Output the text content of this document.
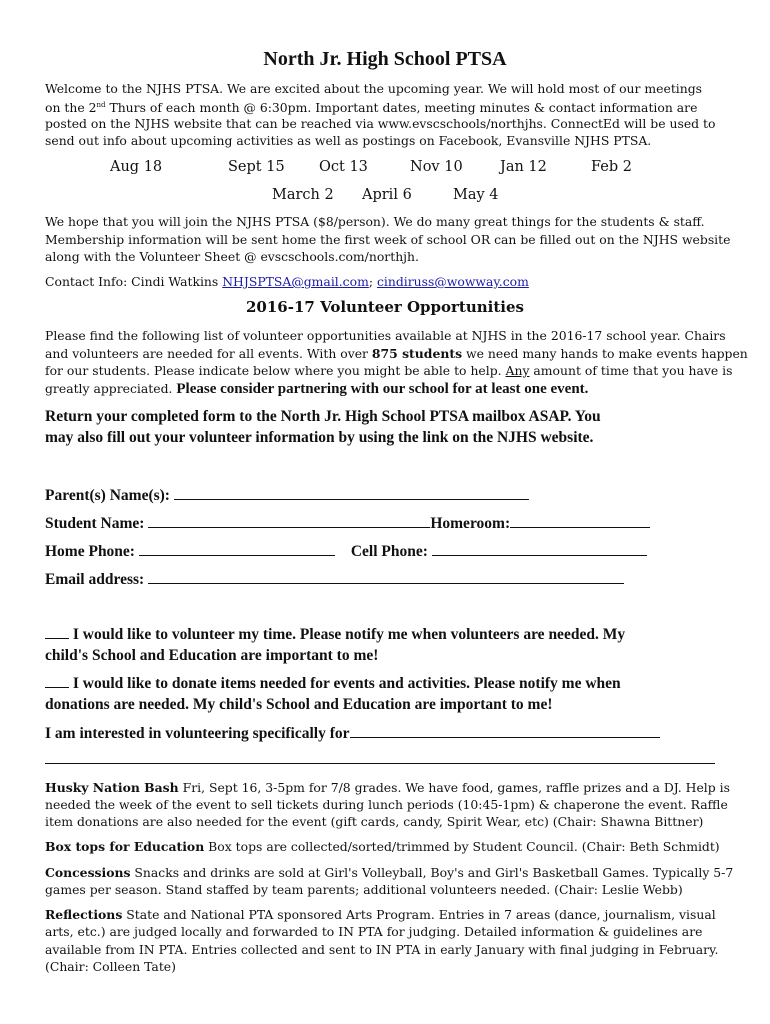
North Jr. High School PTSA
Welcome to the NJHS PTSA. We are excited about the upcoming year. We will hold most of our meetings
on the 2nd Thurs of each month @ 6:30pm. Important dates, meeting minutes & contact information are
posted on the NJHS website that can be reached via www.evscschools/northjhs. ConnectEd will be used to
send out info about upcoming activities as well as postings on Facebook, Evansville NJHS PTSA.
Aug 18	Sept 15 Oct 13	Nov 10	Jan 12	Feb 2
March 2 April 6	May 4
We hope that you will join the NJHS PTSA ($8/person). We do many great things for the students & staff.
Membership information will be sent home the first week of school OR can be filled out on the NJHS website
along with the Volunteer Sheet @ evscschools.com/northjh.
Contact Info: Cindi Watkins NHJSPTSA@gmail.com; cindiruss@wowway.com
2016-17 Volunteer Opportunities
Please find the following list of volunteer opportunities available at NJHS in the 2016-17 school year. Chairs
and volunteers are needed for all events. With over 875 students we need many hands to make events happen
for our students. Please indicate below where you might be able to help. Any amount of time that you have is
greatly appreciated. Please consider partnering with our school for at least one event.
Return your completed form to the North Jr. High School PTSA mailbox ASAP. You
may also fill out your volunteer information by using the link on the NJHS website.
Parent(s) Name(s):
Student Name:	Homeroom:
Home Phone:	Cell Phone:
Email address:
I would like to volunteer my time. Please notify me when volunteers are needed. My
child's School and Education are important to me!
I would like to donate items needed for events and activities. Please notify me when
donations are needed. My child's School and Education are important to me!
I am interested in volunteering specifically for
Husky Nation Bash Fri, Sept 16, 3-5pm for 7/8 grades. We have food, games, raffle prizes and a DJ. Help is
needed the week of the event to sell tickets during lunch periods (10:45-1pm) & chaperone the event. Raffle
item donations are also needed for the event (gift cards, candy, Spirit Wear, etc) (Chair: Shawna Bittner)
Box tops for Education Box tops are collected/sorted/trimmed by Student Council. (Chair: Beth Schmidt)
Concessions Snacks and drinks are sold at Girl's Volleyball, Boy's and Girl's Basketball Games. Typically 5-7
games per season. Stand staffed by team parents; additional volunteers needed. (Chair: Leslie Webb)
Reflections State and National PTA sponsored Arts Program. Entries in 7 areas (dance, journalism, visual
arts, etc.) are judged locally and forwarded to IN PTA for judging. Detailed information & guidelines are
available from IN PTA. Entries collected and sent to IN PTA in early January with final judging in February.
(Chair: Colleen Tate)
